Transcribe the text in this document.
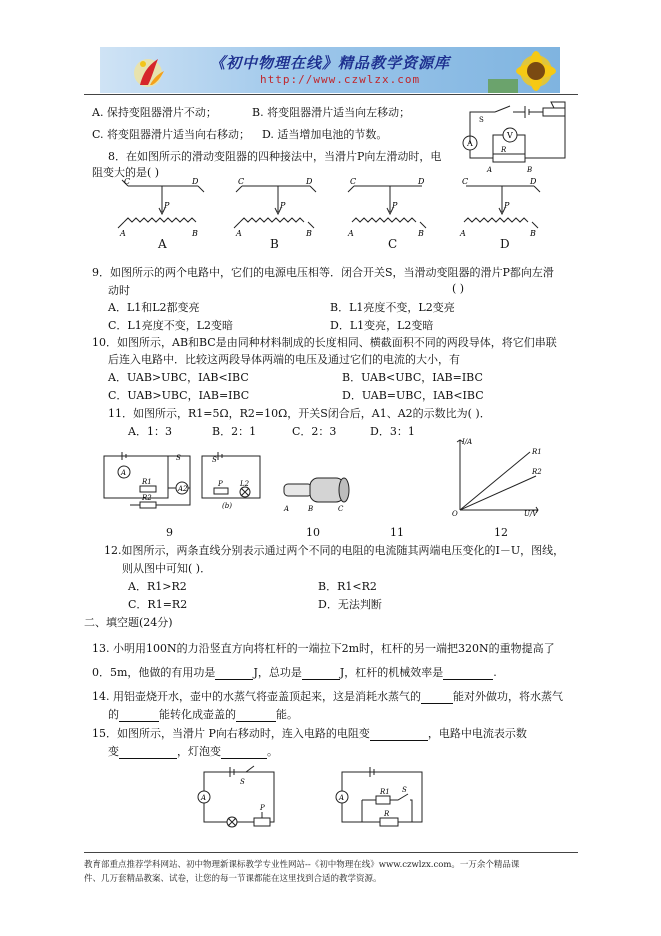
《初中物理在线》精品教学资源库
http://www.czwlzx.com
A. 保持变阻器滑片不动；	B. 将变阻器滑片适当向左移动；
C. 将变阻器滑片适当向右移动； D. 适当增加电池的节数。
A
V
R
A	B
S
8．在如图所示的滑动变阻器的四种接法中，当滑片P向左滑动时，电
阻变大的是( )
C	D
P
A	B
C	D
P
A	B
C	D
P
A	B
C	D
P
A	B
A	B	C	D
9．如图所示的两个电路中，它们的电源电压相等．闭合开关S，当滑动变阻器的滑片P都向左滑
动时	( )
A．L1和L2都变亮	B．L1亮度不变，L2变亮
C．L1亮度不变，L2变暗	D．L1变亮，L2变暗
10．如图所示，AB和BC是由同种材料制成的长度相同、横截面积不同的两段导体，将它们串联
后连入电路中．比较这两段导体两端的电压及通过它们的电流的大小，有
A．UAB>UBC，IAB<IBC	B．UAB<UBC，IAB=IBC
C．UAB>UBC，IAB=IBC	D．UAB=UBC，IAB<IBC
11．如图所示，R1=5Ω，R2=10Ω，开关S闭合后，A1、A2的示数比为( )．
A．1：3	B．2：1	C．2：3	D．3：1
S	S
R1
R2
A
A2
P L2
(b)	A	B	C
I/A
U/V
O
R1
R2
9	10	11	12
12.如图所示，两条直线分别表示通过两个不同的电阻的电流随其两端电压变化的I－U，图线，
则从图中可知( )．
A．R1>R2	B．R1<R2
C．R1=R2	D．无法判断
二、填空题(24分)
13. 小明用100N的力沿竖直方向将杠杆的一端拉下2m时，杠杆的另一端把320N的重物提高了
0．5m，他做的有用功是	J，总功是	J，杠杆的机械效率是	.
14. 用铝壶烧开水，壶中的水蒸气将壶盖顶起来，这是消耗水蒸气的	能对外做功，将水蒸气
的	能转化成壶盖的	能。
15．如图所示，当滑片 P向右移动时，连入电路的电阻变	，电路中电流表示数
变	，灯泡变	。
A
S
P
A
R1 S
R
教育部重点推荐学科网站、初中物理新课标教学专业性网站--《初中物理在线》www.czwlzx.com。一万余个精品课
件、几万套精品教案、试卷，让您的每一节课都能在这里找到合适的教学资源。
